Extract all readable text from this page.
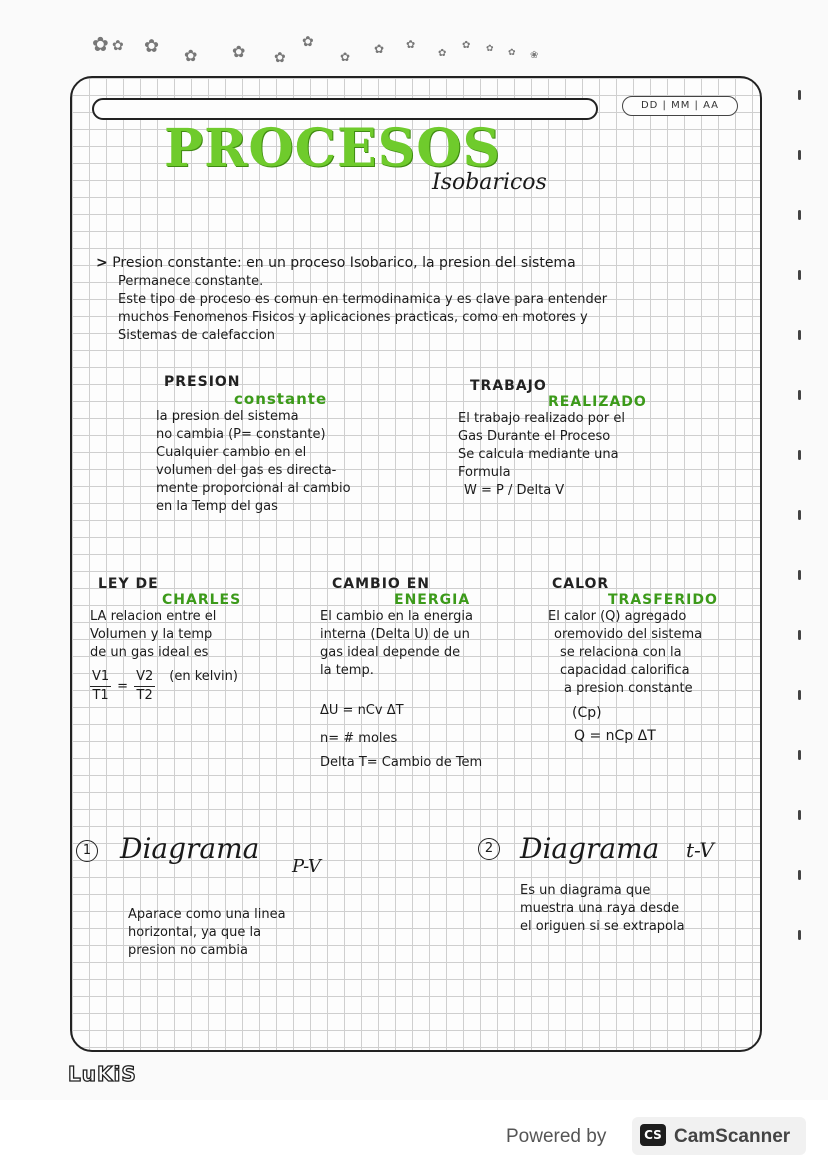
✿ ✿ ✿ ✿ ✿ ✿
✿
✿
✿ ✿
✿
✿ ✿ ✿ ❀
DD | MM | AA
PROCESOS
Isobaricos
> Presion constante: en un proceso Isobarico, la presion del sistema
Permanece constante.
Este tipo de proceso es comun en termodinamica y es clave para entender
muchos Fenomenos Fisicos y aplicaciones practicas, como en motores y
Sistemas de calefaccion
PRESION
constante
la presion del sistema
no cambia (P= constante)
Cualquier cambio en el
volumen del gas es directa-
mente proporcional al cambio
en la Temp del gas
TRABAJO
REALIZADO
El trabajo realizado por el
Gas Durante el Proceso
Se calcula mediante una
Formula
W = P / Delta V
LEY DE
CHARLES
LA relacion entre el
Volumen y la temp
de un gas ideal es
$\frac{V1}{T1} = \frac{V2}{T2} (en$ kelvin)
CAMBIO EN
ENERGIA
El cambio en la energia
interna (Delta U) de un
gas ideal depende de
la temp.
ΔU = nCv ΔT
n= # moles
Delta T= Cambio de Tem
CALOR
TRASFERIDO
El calor (Q) agregado
oremovido del sistema
se relaciona con la
capacidad calorifica
a presion constante
(Cp)
Q = nCp ΔT
1 Diagrama
P-V
Aparace como una linea
horizontal, ya que la
presion no cambia
2 Diagrama t-V
Es un diagrama que
muestra una raya desde
el origuen si se extrapola
LuKiS
Powered by	CS CamScanner
